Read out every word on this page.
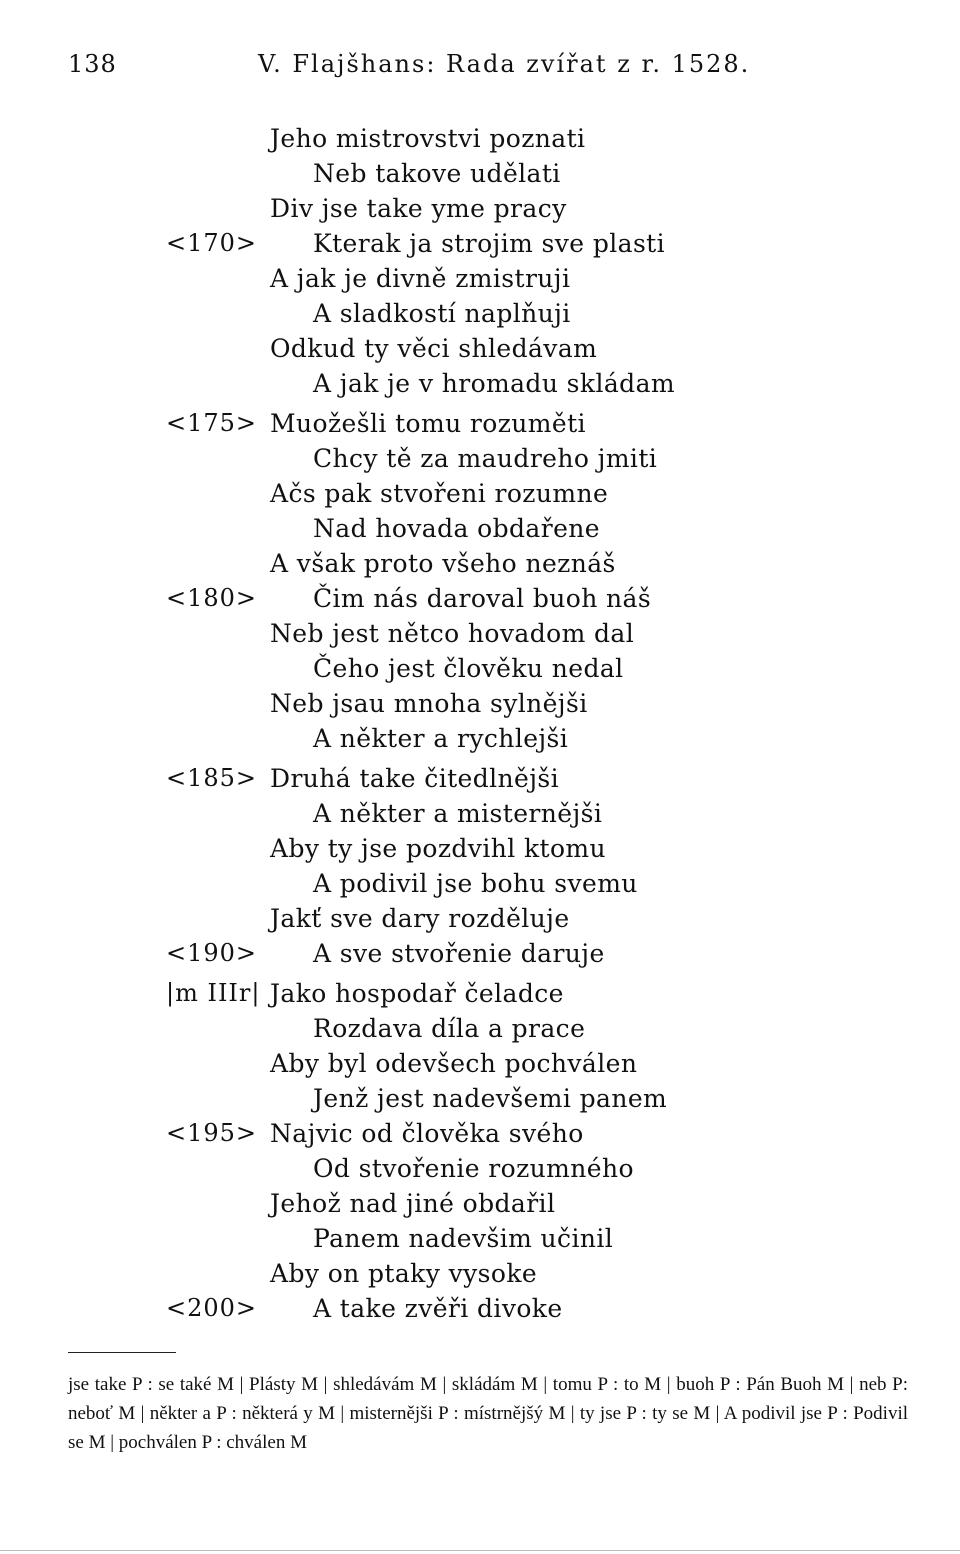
138	V. Flajšhans: Rada zvířat z r. 1528.
Jeho mistrovstvi poznati
Neb takove udělati
Div jse take yme pracy
<170> Kterak ja strojim sve plasti
A jak je divně zmistruji
A sladkostí naplňuji
Odkud ty věci shledávam
A jak je v hromadu skládam
<175> Muožešli tomu rozuměti
Chcy tě za maudreho jmiti
Ačs pak stvořeni rozumne
Nad hovada obdařene
A však proto všeho neznáš
<180> Čim nás daroval buoh náš
Neb jest nětco hovadom dal
Čeho jest člověku nedal
Neb jsau mnoha sylnějši
A někter a rychlejši
<185> Druhá take čitedlnějši
A někter a misternějši
Aby ty jse pozdvihl ktomu
A podivil jse bohu svemu
Jakť sve dary rozděluje
<190> A sve stvořenie daruje
|m IIIr| Jako hospodař čeladce
Rozdava díla a prace
Aby byl odevšech pochválen
Jenž jest nadevšemi panem
<195> Najvic od člověka svého
Od stvořenie rozumného
Jehož nad jiné obdařil
Panem nadevšim učinil
Aby on ptaky vysoke
<200> A take zvěři divoke
jse take P : se také M | Plásty M | shledávám M | skládám M | tomu P : to M | buoh P : Pán Buoh M | neb P: neboť M | někter a P : některá y M | misternějši P : místrnějšý M | ty jse P : ty se M | A podivil jse P : Podivil se M | pochválen P : chválen M
